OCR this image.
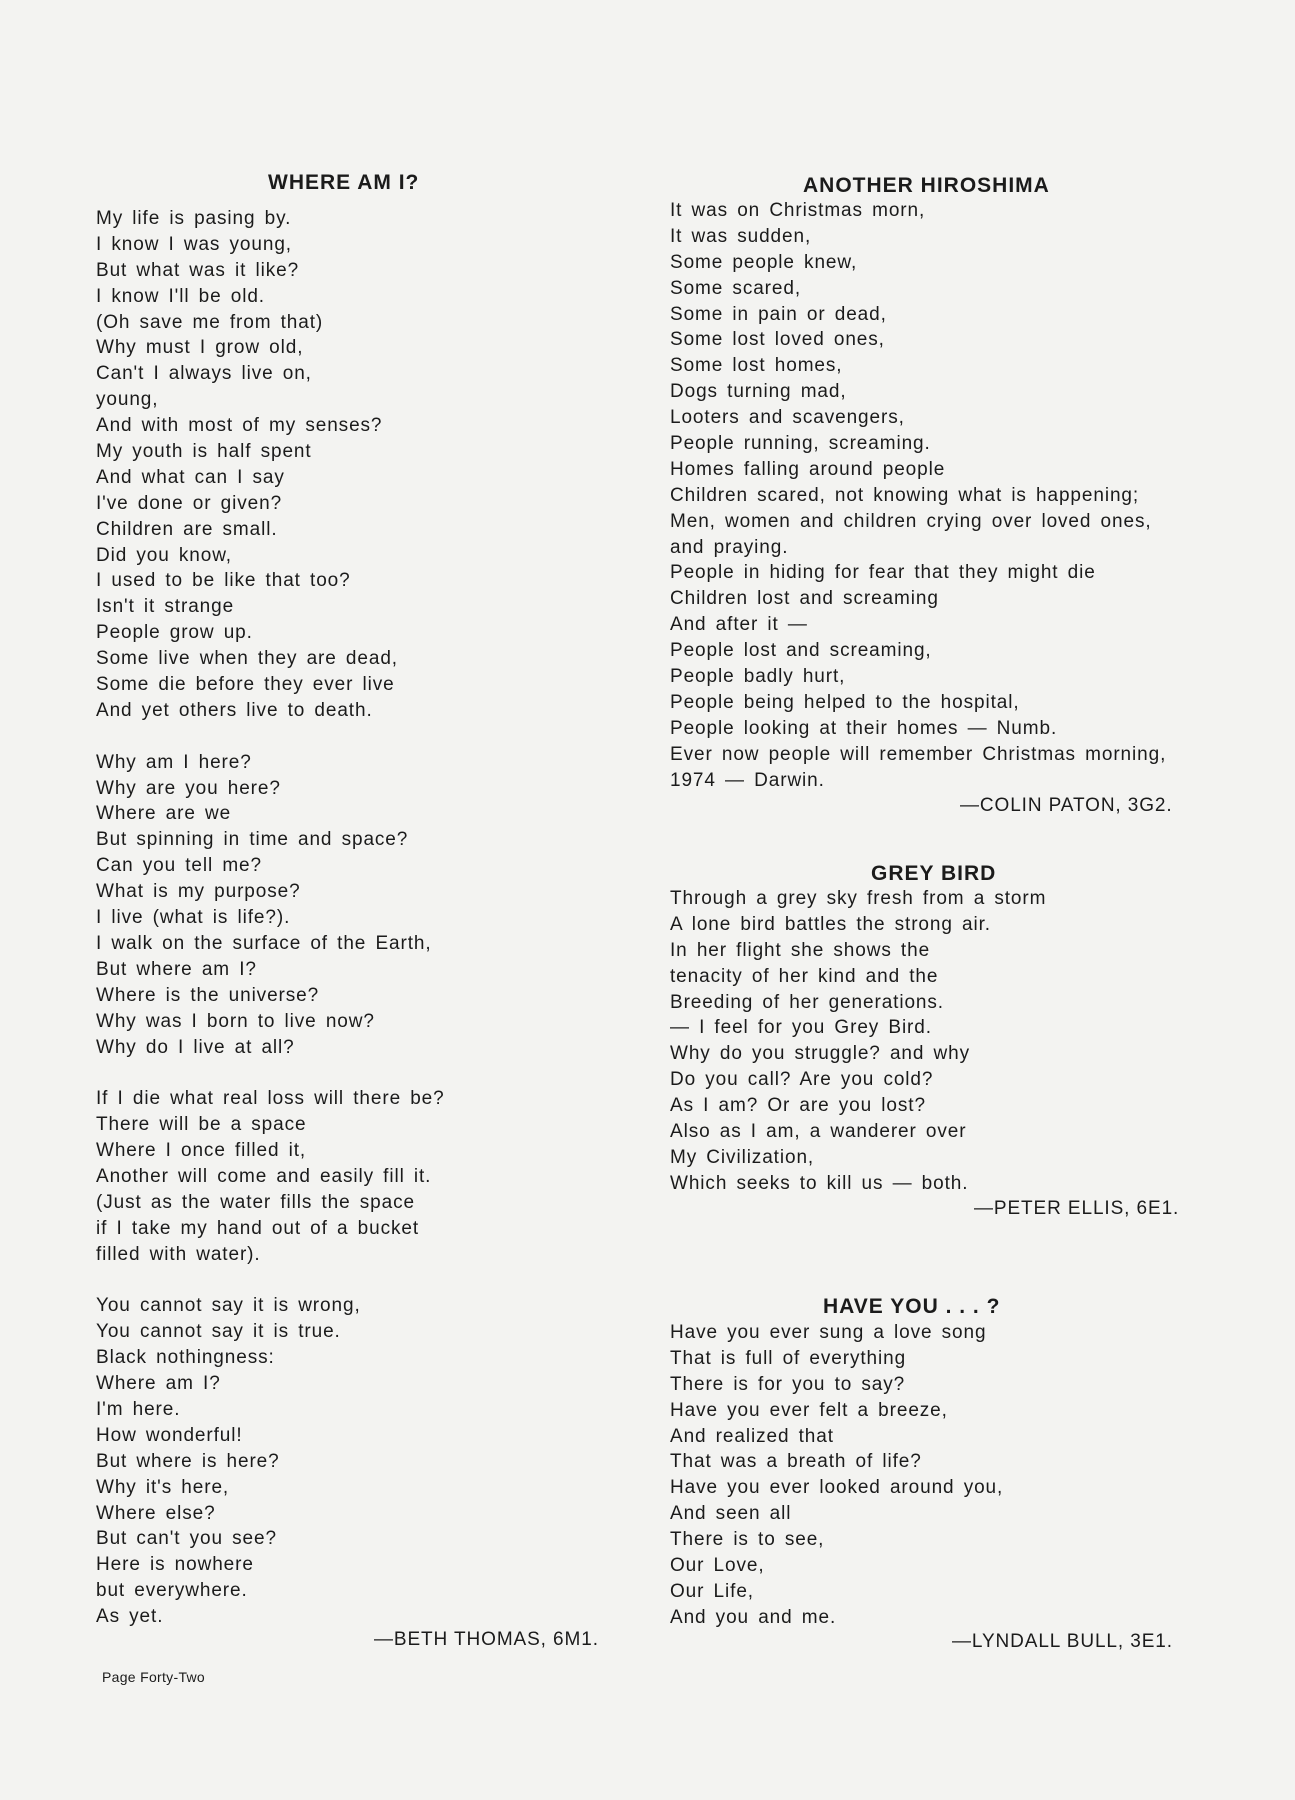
WHERE AM I?
My life is pasing by.
I know I was young,
But what was it like?
I know I'll be old.
(Oh save me from that)
Why must I grow old,
Can't I always live on,
young,
And with most of my senses?
My youth is half spent
And what can I say
I've done or given?
Children are small.
Did you know,
I used to be like that too?
Isn't it strange
People grow up.
Some live when they are dead,
Some die before they ever live
And yet others live to death.
Why am I here?
Why are you here?
Where are we
But spinning in time and space?
Can you tell me?
What is my purpose?
I live (what is life?).
I walk on the surface of the Earth,
But where am I?
Where is the universe?
Why was I born to live now?
Why do I live at all?
If I die what real loss will there be?
There will be a space
Where I once filled it,
Another will come and easily fill it.
(Just as the water fills the space
if I take my hand out of a bucket
filled with water).
You cannot say it is wrong,
You cannot say it is true.
Black nothingness:
Where am I?
I'm here.
How wonderful!
But where is here?
Why it's here,
Where else?
But can't you see?
Here is nowhere
but everywhere.
As yet.
—BETH THOMAS, 6M1.
ANOTHER HIROSHIMA
It was on Christmas morn,
It was sudden,
Some people knew,
Some scared,
Some in pain or dead,
Some lost loved ones,
Some lost homes,
Dogs turning mad,
Looters and scavengers,
People running, screaming.
Homes falling around people
Children scared, not knowing what is happening;
Men, women and children crying over loved ones,
and praying.
People in hiding for fear that they might die
Children lost and screaming
And after it —
People lost and screaming,
People badly hurt,
People being helped to the hospital,
People looking at their homes — Numb.
Ever now people will remember Christmas morning,
1974 — Darwin.
—COLIN PATON, 3G2.
GREY BIRD
Through a grey sky fresh from a storm
A lone bird battles the strong air.
In her flight she shows the
tenacity of her kind and the
Breeding of her generations.
— I feel for you Grey Bird.
Why do you struggle? and why
Do you call? Are you cold?
As I am? Or are you lost?
Also as I am, a wanderer over
My Civilization,
Which seeks to kill us — both.
—PETER ELLIS, 6E1.
HAVE YOU . . . ?
Have you ever sung a love song
That is full of everything
There is for you to say?
Have you ever felt a breeze,
And realized that
That was a breath of life?
Have you ever looked around you,
And seen all
There is to see,
Our Love,
Our Life,
And you and me.
—LYNDALL BULL, 3E1.
Page Forty-Two
